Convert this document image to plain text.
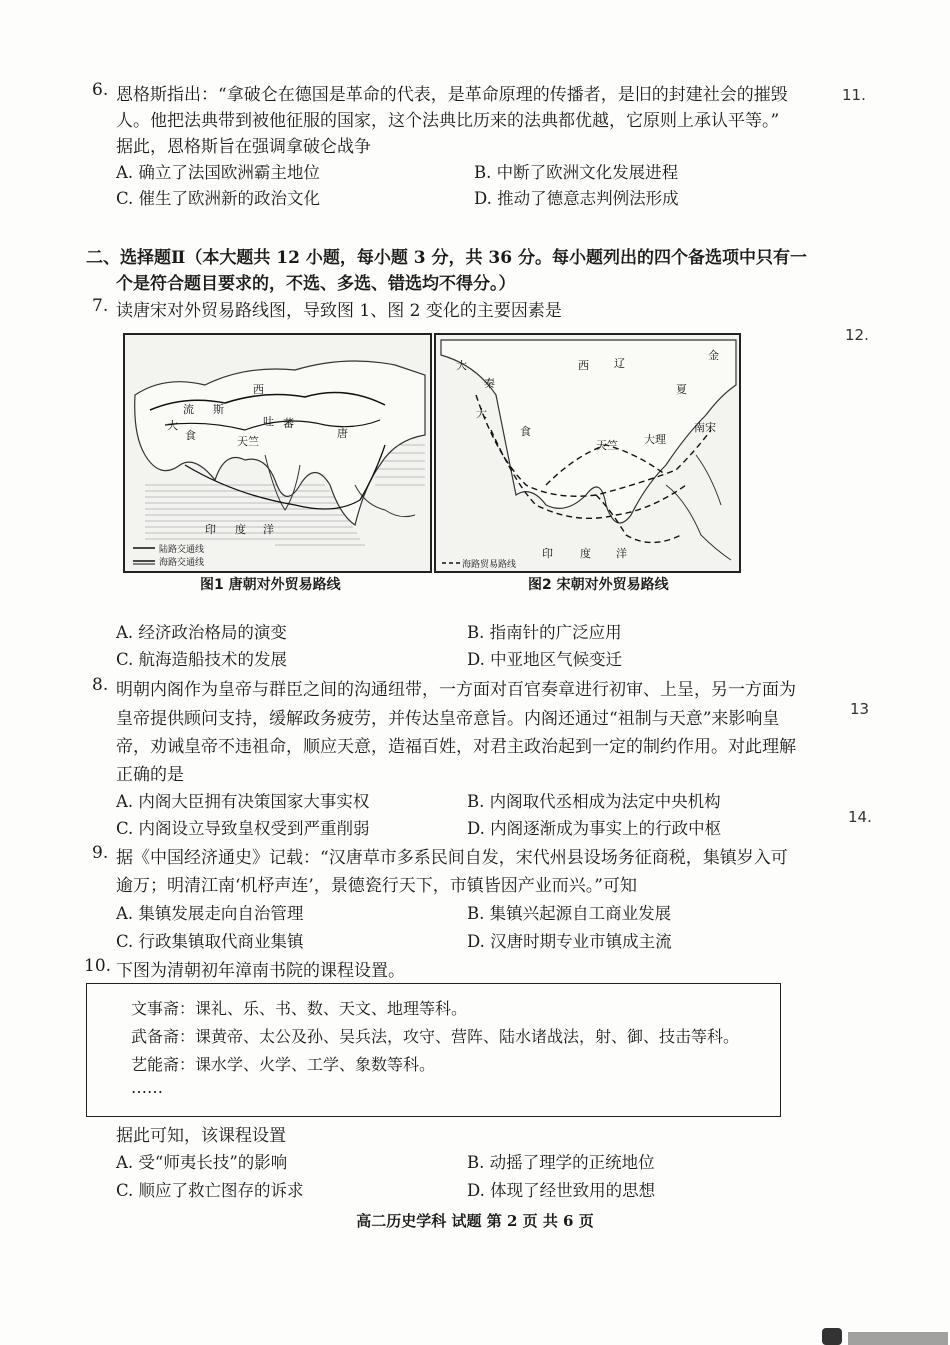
11.
12.
13
14.
6. 恩格斯指出：“拿破仑在德国是革命的代表，是革命原理的传播者，是旧的封建社会的摧毁
人。他把法典带到被他征服的国家，这个法典比历来的法典都优越，它原则上承认平等。”
据此，恩格斯旨在强调拿破仑战争
A. 确立了法国欧洲霸主地位	B. 中断了欧洲文化发展进程
C. 催生了欧洲新的政治文化	D. 推动了德意志判例法形成
二、选择题Ⅱ（本大题共 12 小题，每小题 3 分，共 36 分。每小题列出的四个备选项中只有一
个是符合题目要求的，不选、多选、错选均不得分。）
7. 读唐宋对外贸易路线图，导致图 1、图 2 变化的主要因素是
西
吐 蕃
流 斯
大
食	天竺
唐
印 度 洋
陆路交通线
海路交通线
图1 唐朝对外贸易路线
大
秦
西 辽
夏
金
大
食	南宋
大理
天竺
印 度 洋
海路贸易路线
图2 宋朝对外贸易路线
A. 经济政治格局的演变	B. 指南针的广泛应用
C. 航海造船技术的发展	D. 中亚地区气候变迁
8. 明朝内阁作为皇帝与群臣之间的沟通纽带，一方面对百官奏章进行初审、上呈，另一方面为
皇帝提供顾问支持，缓解政务疲劳，并传达皇帝意旨。内阁还通过“祖制与天意”来影响皇
帝，劝诫皇帝不违祖命，顺应天意，造福百姓，对君主政治起到一定的制约作用。对此理解
正确的是
A. 内阁大臣拥有决策国家大事实权	B. 内阁取代丞相成为法定中央机构
C. 内阁设立导致皇权受到严重削弱	D. 内阁逐渐成为事实上的行政中枢
9. 据《中国经济通史》记载：“汉唐草市多系民间自发，宋代州县设场务征商税，集镇岁入可
逾万；明清江南‘机杼声连’，景德瓷行天下，市镇皆因产业而兴。”可知
A. 集镇发展走向自治管理	B. 集镇兴起源自工商业发展
C. 行政集镇取代商业集镇	D. 汉唐时期专业市镇成主流
10. 下图为清朝初年漳南书院的课程设置。
文事斋：课礼、乐、书、数、天文、地理等科。
武备斋：课黄帝、太公及孙、吴兵法，攻守、营阵、陆水诸战法，射、御、技击等科。
艺能斋：课水学、火学、工学、象数等科。
……
据此可知，该课程设置
A. 受“师夷长技”的影响	B. 动摇了理学的正统地位
C. 顺应了救亡图存的诉求	D. 体现了经世致用的思想
高二历史学科 试题 第 2 页 共 6 页
